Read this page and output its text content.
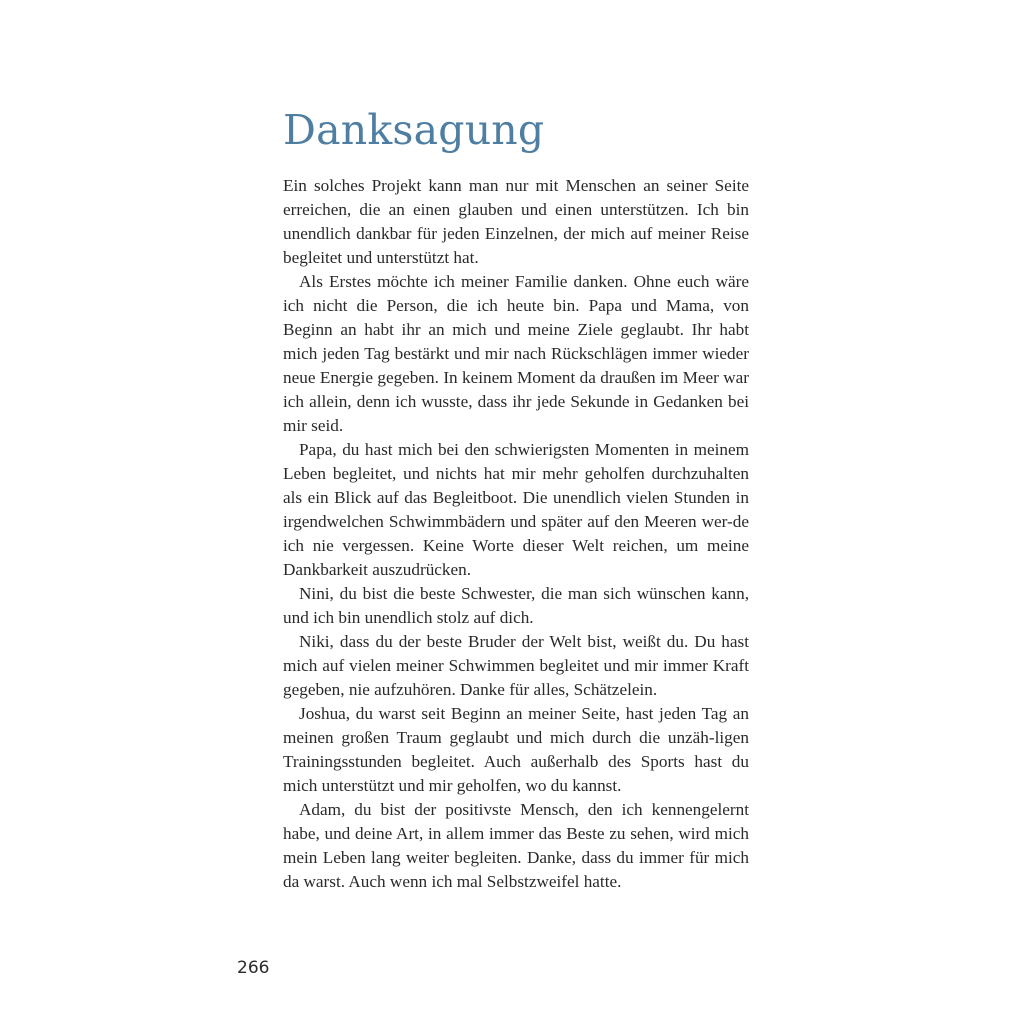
Danksagung

Ein solches Projekt kann man nur mit Menschen an seiner Seite erreichen, die an einen glauben und einen unterstützen. Ich bin unendlich dankbar für jeden Einzelnen, der mich auf meiner Reise begleitet und unterstützt hat.

Als Erstes möchte ich meiner Familie danken. Ohne euch wäre ich nicht die Person, die ich heute bin. Papa und Mama, von Beginn an habt ihr an mich und meine Ziele geglaubt. Ihr habt mich jeden Tag bestärkt und mir nach Rückschlägen immer wieder neue Energie gegeben. In keinem Moment da draußen im Meer war ich allein, denn ich wusste, dass ihr jede Sekunde in Gedanken bei mir seid.

Papa, du hast mich bei den schwierigsten Momenten in meinem Leben begleitet, und nichts hat mir mehr geholfen durchzuhalten als ein Blick auf das Begleitboot. Die unendlich vielen Stunden in irgendwelchen Schwimmbädern und später auf den Meeren wer-de ich nie vergessen. Keine Worte dieser Welt reichen, um meine Dankbarkeit auszudrücken.

Nini, du bist die beste Schwester, die man sich wünschen kann, und ich bin unendlich stolz auf dich.

Niki, dass du der beste Bruder der Welt bist, weißt du. Du hast mich auf vielen meiner Schwimmen begleitet und mir immer Kraft gegeben, nie aufzuhören. Danke für alles, Schätzelein.

Joshua, du warst seit Beginn an meiner Seite, hast jeden Tag an meinen großen Traum geglaubt und mich durch die unzäh-ligen Trainingsstunden begleitet. Auch außerhalb des Sports hast du mich unterstützt und mir geholfen, wo du kannst.

Adam, du bist der positivste Mensch, den ich kennengelernt habe, und deine Art, in allem immer das Beste zu sehen, wird mich mein Leben lang weiter begleiten. Danke, dass du immer für mich da warst. Auch wenn ich mal Selbstzweifel hatte.

266
